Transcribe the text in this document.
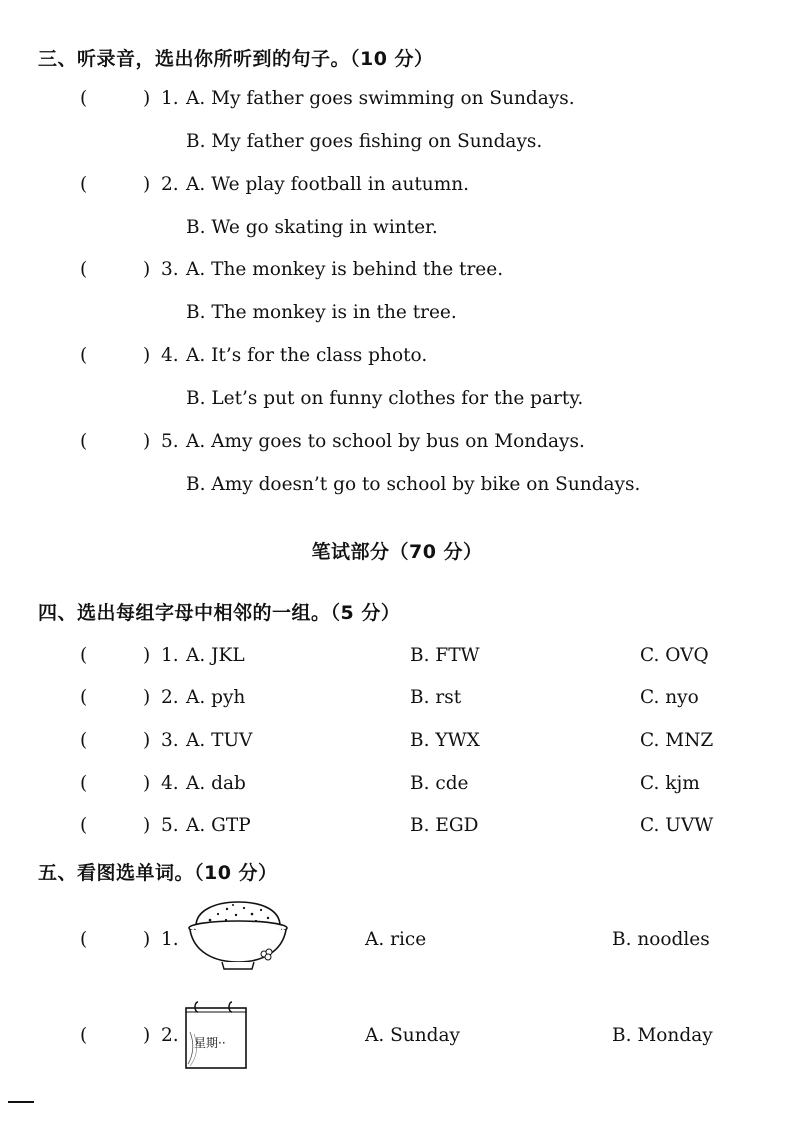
三、听录音，选出你所听到的句子。（10 分）
(	) 1. A. My father goes swimming on Sundays.
B. My father goes fishing on Sundays.
(	) 2. A. We play football in autumn.
B. We go skating in winter.
(	) 3. A. The monkey is behind the tree.
B. The monkey is in the tree.
(	) 4. A. It’s for the class photo.
B. Let’s put on funny clothes for the party.
(	) 5. A. Amy goes to school by bus on Mondays.
B. Amy doesn’t go to school by bike on Sundays.
笔试部分（70 分）
四、选出每组字母中相邻的一组。（5 分）
(	) 1. A. JKL	B. FTW	C. OVQ
(	) 2. A. pyh	B. rst	C. nyo
(	) 3. A. TUV	B. YWX	C. MNZ
(	) 4. A. dab	B. cde	C. kjm
(	) 5. A. GTP	B. EGD	C. UVW
五、看图选单词。（10 分）
(	) 1.	A. rice	B. noodles
(	) 2.	A. Sunday	B. Monday
星期··
